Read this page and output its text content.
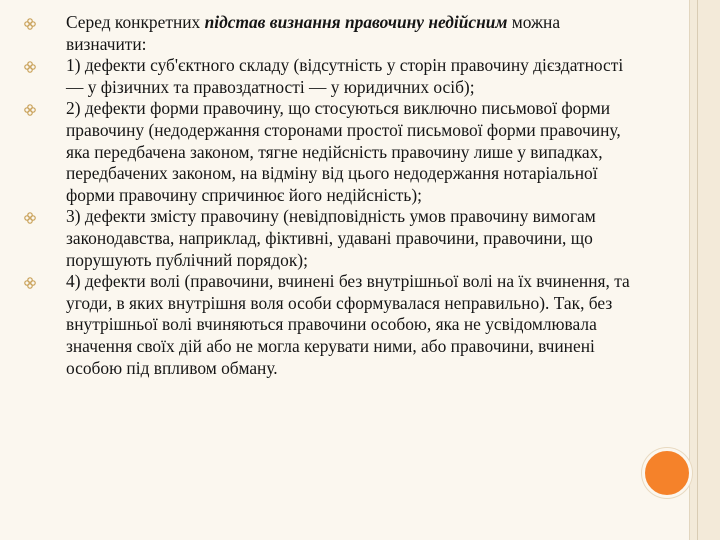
Серед конкретних підстав визнання правочину недійсним можна визначити:
1) дефекти суб'єктного складу (відсутність у сторін правочину дієздатності — у фізичних та правоздатності — у юридичних осіб);
2) дефекти форми правочину, що стосуються виключно письмової форми правочину (недодержання сторонами простої письмової форми правочину, яка передбачена законом, тягне недійсність правочину лише у випадках, передбачених законом, на відміну від цього недодержання нотаріальної форми правочину спричинює його недійсність);
3) дефекти змісту правочину (невідповідність умов правочину вимогам законодавства, наприклад, фіктивні, удавані правочини, правочини, що порушують публічний порядок);
4) дефекти волі (правочини, вчинені без внутрішньої волі на їх вчинення, та угоди, в яких внутрішня воля особи сформувалася неправильно). Так, без внутрішньої волі вчиняються правочини особою, яка не усвідомлювала значення своїх дій або не могла керувати ними, або правочини, вчинені особою під впливом обману.
